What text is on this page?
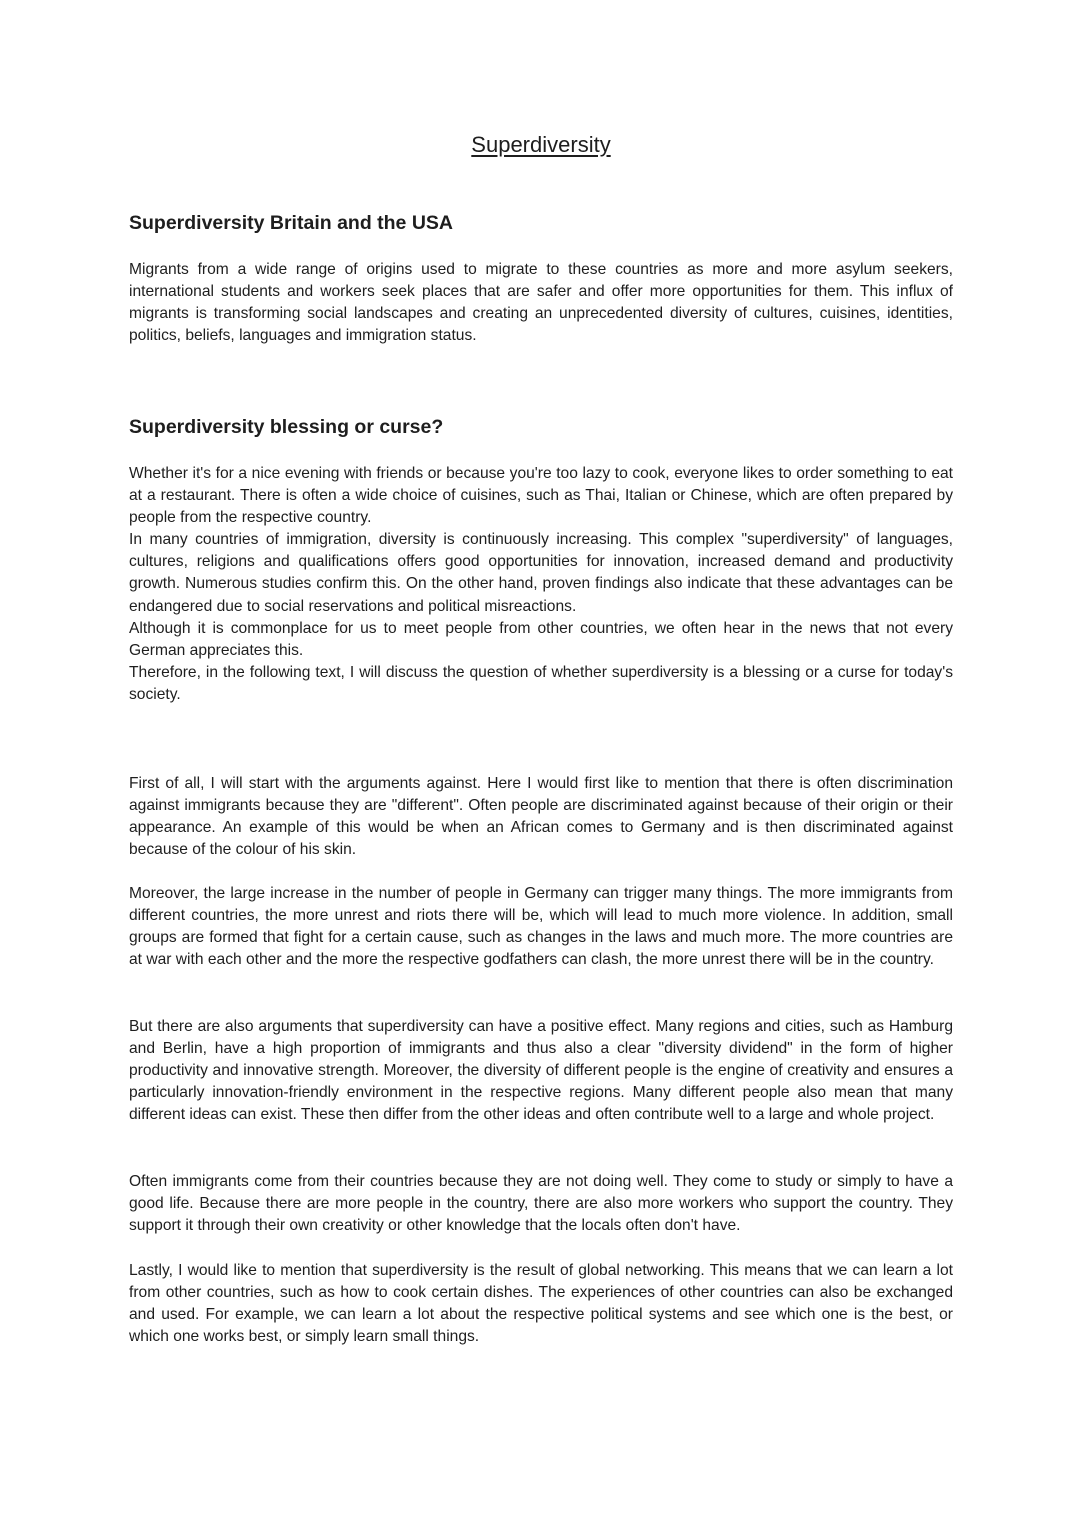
Superdiversity
Superdiversity Britain and the USA

Migrants from a wide range of origins used to migrate to these countries as more and more asylum seekers, international students and workers seek places that are safer and offer more opportunities for them. This influx of migrants is transforming social landscapes and creating an unprecedented diversity of cultures, cuisines, identities, politics, beliefs, languages and immigration status.

Superdiversity blessing or curse?

Whether it's for a nice evening with friends or because you're too lazy to cook, everyone likes to order something to eat at a restaurant. There is often a wide choice of cuisines, such as Thai, Italian or Chinese, which are often prepared by people from the respective country.

In many countries of immigration, diversity is continuously increasing. This complex "superdiversity" of languages, cultures, religions and qualifications offers good opportunities for innovation, increased demand and productivity growth. Numerous studies confirm this. On the other hand, proven findings also indicate that these advantages can be endangered due to social reservations and political misreactions.

Although it is commonplace for us to meet people from other countries, we often hear in the news that not every German appreciates this.

Therefore, in the following text, I will discuss the question of whether superdiversity is a blessing or a curse for today's society.

First of all, I will start with the arguments against. Here I would first like to mention that there is often discrimination against immigrants because they are "different". Often people are discriminated against because of their origin or their appearance. An example of this would be when an African comes to Germany and is then discriminated against because of the colour of his skin.

Moreover, the large increase in the number of people in Germany can trigger many things. The more immigrants from different countries, the more unrest and riots there will be, which will lead to much more violence. In addition, small groups are formed that fight for a certain cause, such as changes in the laws and much more. The more countries are at war with each other and the more the respective godfathers can clash, the more unrest there will be in the country.

But there are also arguments that superdiversity can have a positive effect. Many regions and cities, such as Hamburg and Berlin, have a high proportion of immigrants and thus also a clear "diversity dividend" in the form of higher productivity and innovative strength. Moreover, the diversity of different people is the engine of creativity and ensures a particularly innovation-friendly environment in the respective regions. Many different people also mean that many different ideas can exist. These then differ from the other ideas and often contribute well to a large and whole project.

Often immigrants come from their countries because they are not doing well. They come to study or simply to have a good life. Because there are more people in the country, there are also more workers who support the country. They support it through their own creativity or other knowledge that the locals often don't have.

Lastly, I would like to mention that superdiversity is the result of global networking. This means that we can learn a lot from other countries, such as how to cook certain dishes. The experiences of other countries can also be exchanged and used. For example, we can learn a lot about the respective political systems and see which one is the best, or which one works best, or simply learn small things.
